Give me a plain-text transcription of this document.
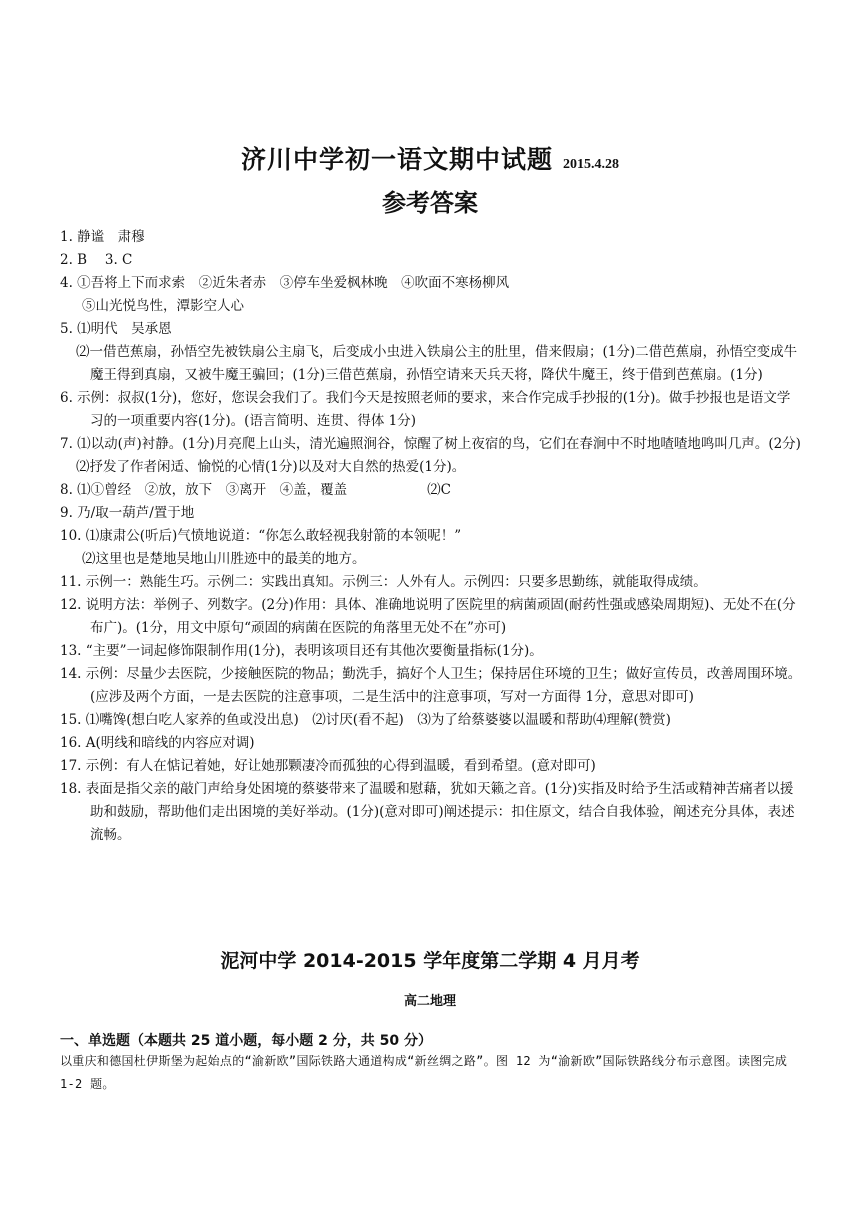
济川中学初一语文期中试题 2015.4.28
参考答案
1. 静谧　肃穆
2. B　 3. C
4. ①吾将上下而求索　②近朱者赤　③停车坐爱枫林晚　④吹面不寒杨柳风
⑤山光悦鸟性，潭影空人心
5. ⑴明代　吴承恩
⑵一借芭蕉扇，孙悟空先被铁扇公主扇飞，后变成小虫进入铁扇公主的肚里，借来假扇；(1分)二借芭蕉扇，孙悟空变成牛魔王得到真扇，又被牛魔王骗回；(1分)三借芭蕉扇，孙悟空请来天兵天将，降伏牛魔王，终于借到芭蕉扇。(1分)
6. 示例：叔叔(1分)，您好，您误会我们了。我们今天是按照老师的要求，来合作完成手抄报的(1分)。做手抄报也是语文学习的一项重要内容(1分)。(语言简明、连贯、得体 1分)
7. ⑴以动(声)衬静。(1分)月亮爬上山头，清光遍照涧谷，惊醒了树上夜宿的鸟，它们在春涧中不时地喳喳地鸣叫几声。(2分)
⑵抒发了作者闲适、愉悦的心情(1分)以及对大自然的热爱(1分)。
8. ⑴①曾经　②放，放下　③离开　④盖，覆盖	⑵C
9. 乃/取一葫芦/置于地
10. ⑴康肃公(听后)气愤地说道：“你怎么敢轻视我射箭的本领呢！”
⑵这里也是楚地吴地山川胜迹中的最美的地方。
11. 示例一：熟能生巧。示例二：实践出真知。示例三：人外有人。示例四：只要多思勤练，就能取得成绩。
12. 说明方法：举例子、列数字。(2分)作用：具体、准确地说明了医院里的病菌顽固(耐药性强或感染周期短)、无处不在(分布广)。(1分，用文中原句“顽固的病菌在医院的角落里无处不在”亦可)
13. “主要”一词起修饰限制作用(1分)，表明该项目还有其他次要衡量指标(1分)。
14. 示例：尽量少去医院，少接触医院的物品；勤洗手，搞好个人卫生；保持居住环境的卫生；做好宣传员，改善周围环境。(应涉及两个方面，一是去医院的注意事项，二是生活中的注意事项，写对一方面得 1分，意思对即可)
15. ⑴嘴馋(想白吃人家养的鱼或没出息)　⑵讨厌(看不起)　⑶为了给蔡婆婆以温暖和帮助⑷理解(赞赏)
16. A(明线和暗线的内容应对调)
17. 示例：有人在惦记着她，好让她那颗凄冷而孤独的心得到温暖，看到希望。(意对即可)
18. 表面是指父亲的敲门声给身处困境的蔡婆带来了温暖和慰藉，犹如天籁之音。(1分)实指及时给予生活或精神苦痛者以援助和鼓励，帮助他们走出困境的美好举动。(1分)(意对即可)阐述提示：扣住原文，结合自我体验，阐述充分具体，表述流畅。
泥河中学 2014-2015 学年度第二学期 4 月月考
高二地理
一、单选题（本题共 25 道小题，每小题 2 分，共 50 分）
以重庆和德国杜伊斯堡为起始点的“渝新欧”国际铁路大通道构成“新丝绸之路”。图 12 为“渝新欧”国际铁路线分布示意图。读图完成 1-2 题。
